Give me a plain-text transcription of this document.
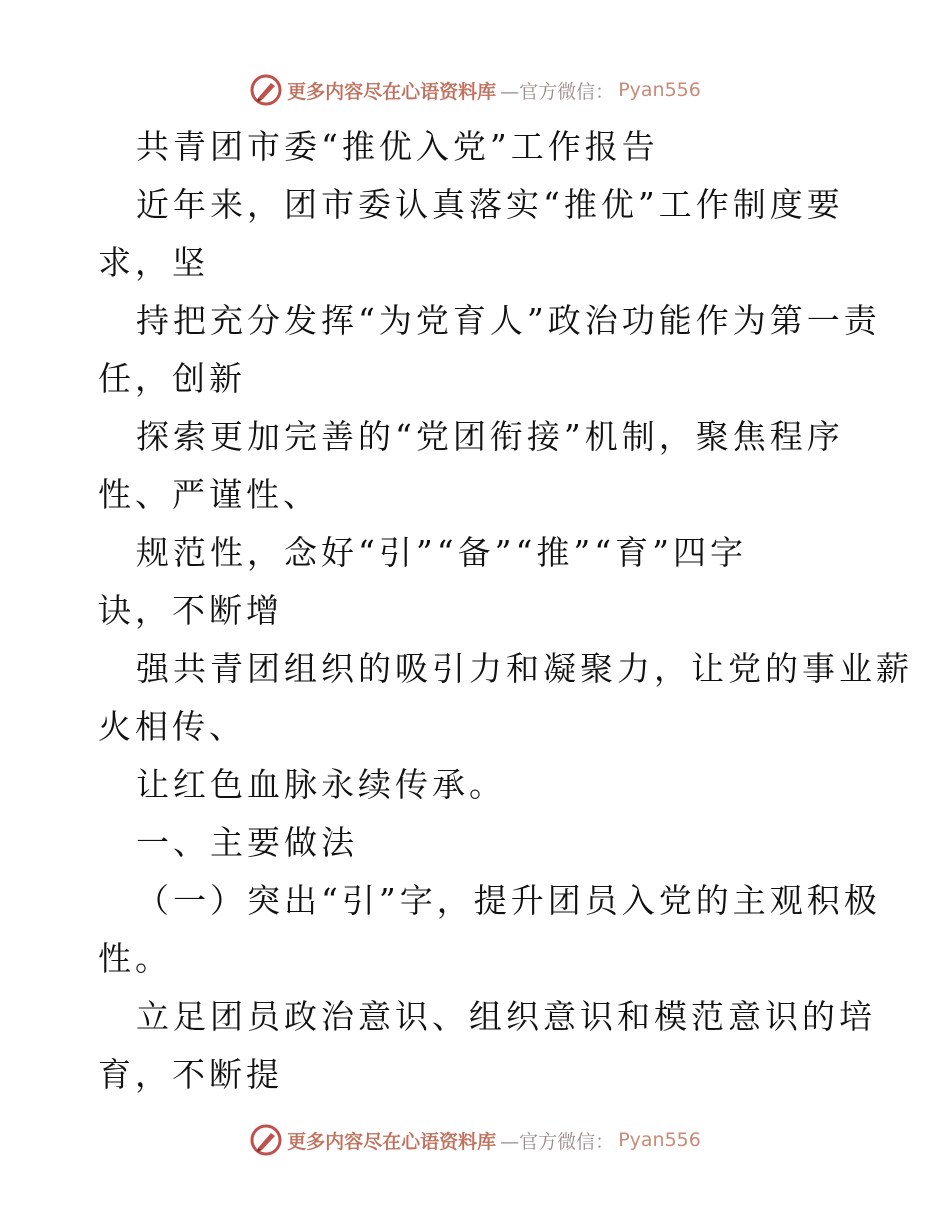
更多内容尽在心语资料库 —官方微信： Pyan556
共青团市委“推优入党”工作报告
近年来，团市委认真落实“推优”工作制度要
求，坚
持把充分发挥“为党育人”政治功能作为第一责
任，创新
探索更加完善的“党团衔接”机制，聚焦程序
性、严谨性、
规范性，念好“引”“备”“推”“育”四字
诀，不断增
强共青团组织的吸引力和凝聚力，让党的事业薪
火相传、
让红色血脉永续传承。
一、主要做法
（一）突出“引”字，提升团员入党的主观积极
性。
立足团员政治意识、组织意识和模范意识的培
育，不断提
更多内容尽在心语资料库 —官方微信： Pyan556
